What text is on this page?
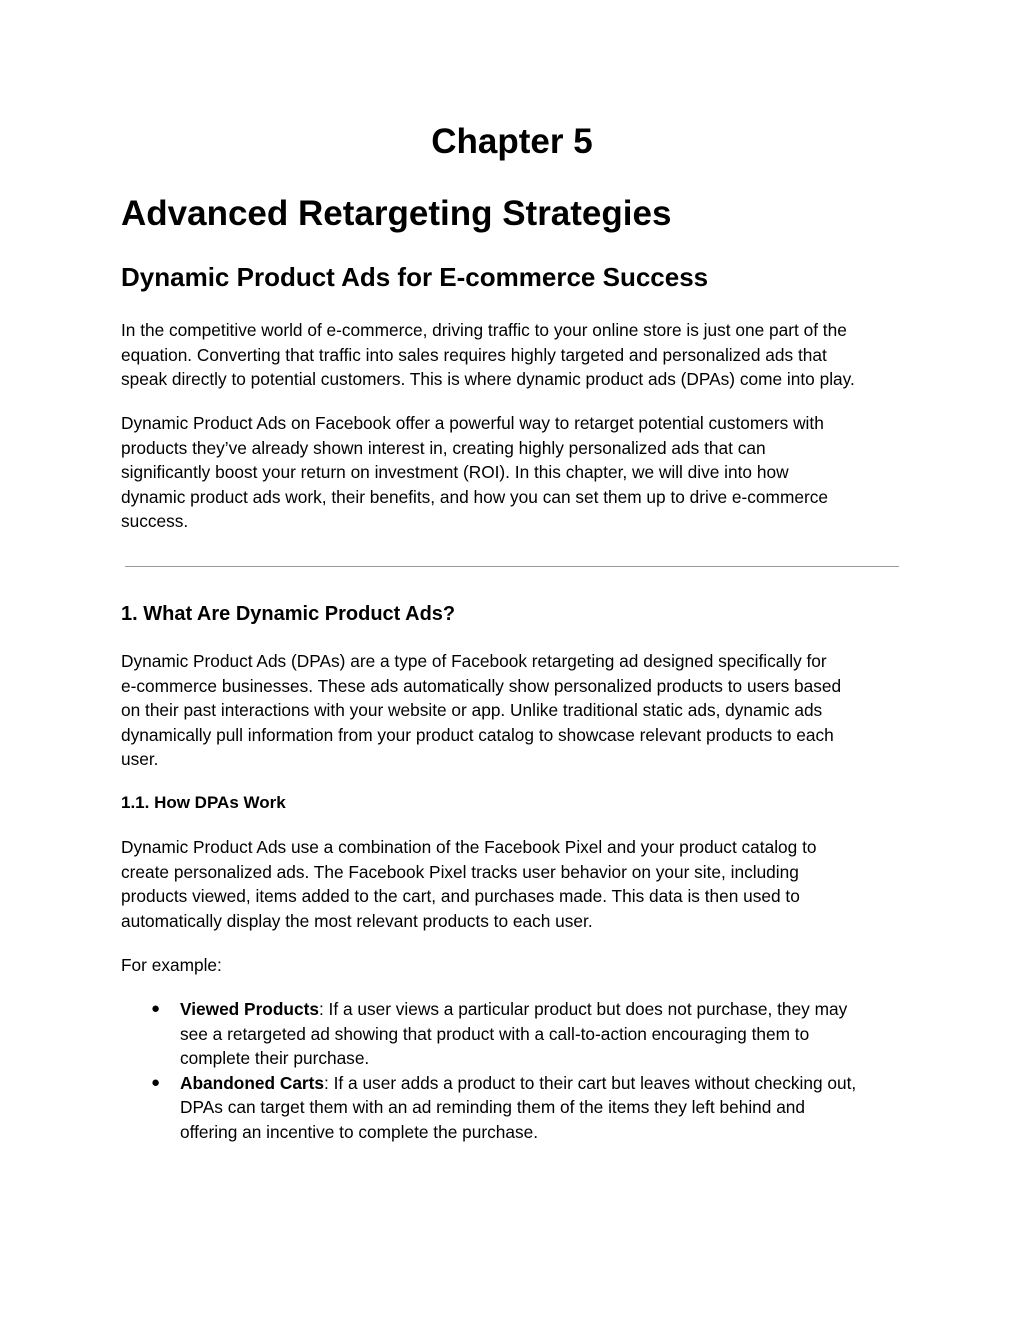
Chapter 5
Advanced Retargeting Strategies
Dynamic Product Ads for E-commerce Success

In the competitive world of e-commerce, driving traffic to your online store is just one part of the
equation. Converting that traffic into sales requires highly targeted and personalized ads that
speak directly to potential customers. This is where dynamic product ads (DPAs) come into play.

Dynamic Product Ads on Facebook offer a powerful way to retarget potential customers with
products they’ve already shown interest in, creating highly personalized ads that can
significantly boost your return on investment (ROI). In this chapter, we will dive into how
dynamic product ads work, their benefits, and how you can set them up to drive e-commerce
success.

1. What Are Dynamic Product Ads?

Dynamic Product Ads (DPAs) are a type of Facebook retargeting ad designed specifically for
e-commerce businesses. These ads automatically show personalized products to users based
on their past interactions with your website or app. Unlike traditional static ads, dynamic ads
dynamically pull information from your product catalog to showcase relevant products to each
user.

1.1. How DPAs Work

Dynamic Product Ads use a combination of the Facebook Pixel and your product catalog to
create personalized ads. The Facebook Pixel tracks user behavior on your site, including
products viewed, items added to the cart, and purchases made. This data is then used to
automatically display the most relevant products to each user.

For example:

● Viewed Products: If a user views a particular product but does not purchase, they may
see a retargeted ad showing that product with a call-to-action encouraging them to
complete their purchase.
● Abandoned Carts: If a user adds a product to their cart but leaves without checking out,
DPAs can target them with an ad reminding them of the items they left behind and
offering an incentive to complete the purchase.
